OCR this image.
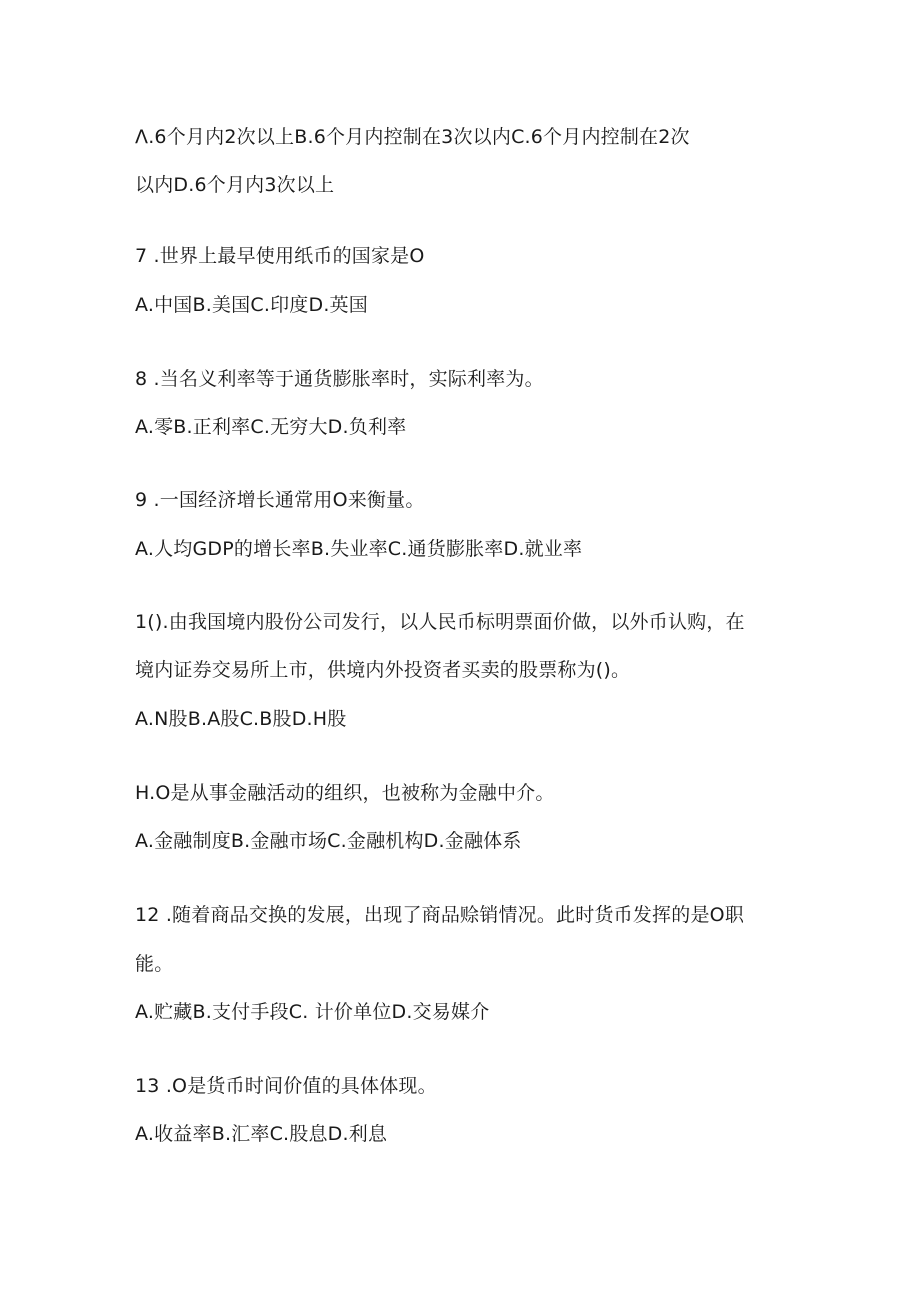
Λ.6个月内2次以上B.6个月内控制在3次以内C.6个月内控制在2次
以内D.6个月内3次以上
7 .世界上最早使用纸币的国家是O
A.中国B.美国C.印度D.英国
8 .当名义利率等于通货膨胀率时，实际利率为。
A.零B.正利率C.无穷大D.负利率
9 .一国经济增长通常用O来衡量。
A.人均GDP的增长率B.失业率C.通货膨胀率D.就业率
1().由我国境内股份公司发行，以人民币标明票面价做，以外币认购，在
境内证券交易所上市，供境内外投资者买卖的股票称为()。
A.N股B.A股C.B股D.H股
H.O是从事金融活动的组织，也被称为金融中介。
A.金融制度B.金融市场C.金融机构D.金融体系
12 .随着商品交换的发展，出现了商品赊销情况。此时货币发挥的是O职
能。
A.贮藏B.支付手段C. 计价单位D.交易媒介
13 .O是货币时间价值的具体体现。
A.收益率B.汇率C.股息D.利息
